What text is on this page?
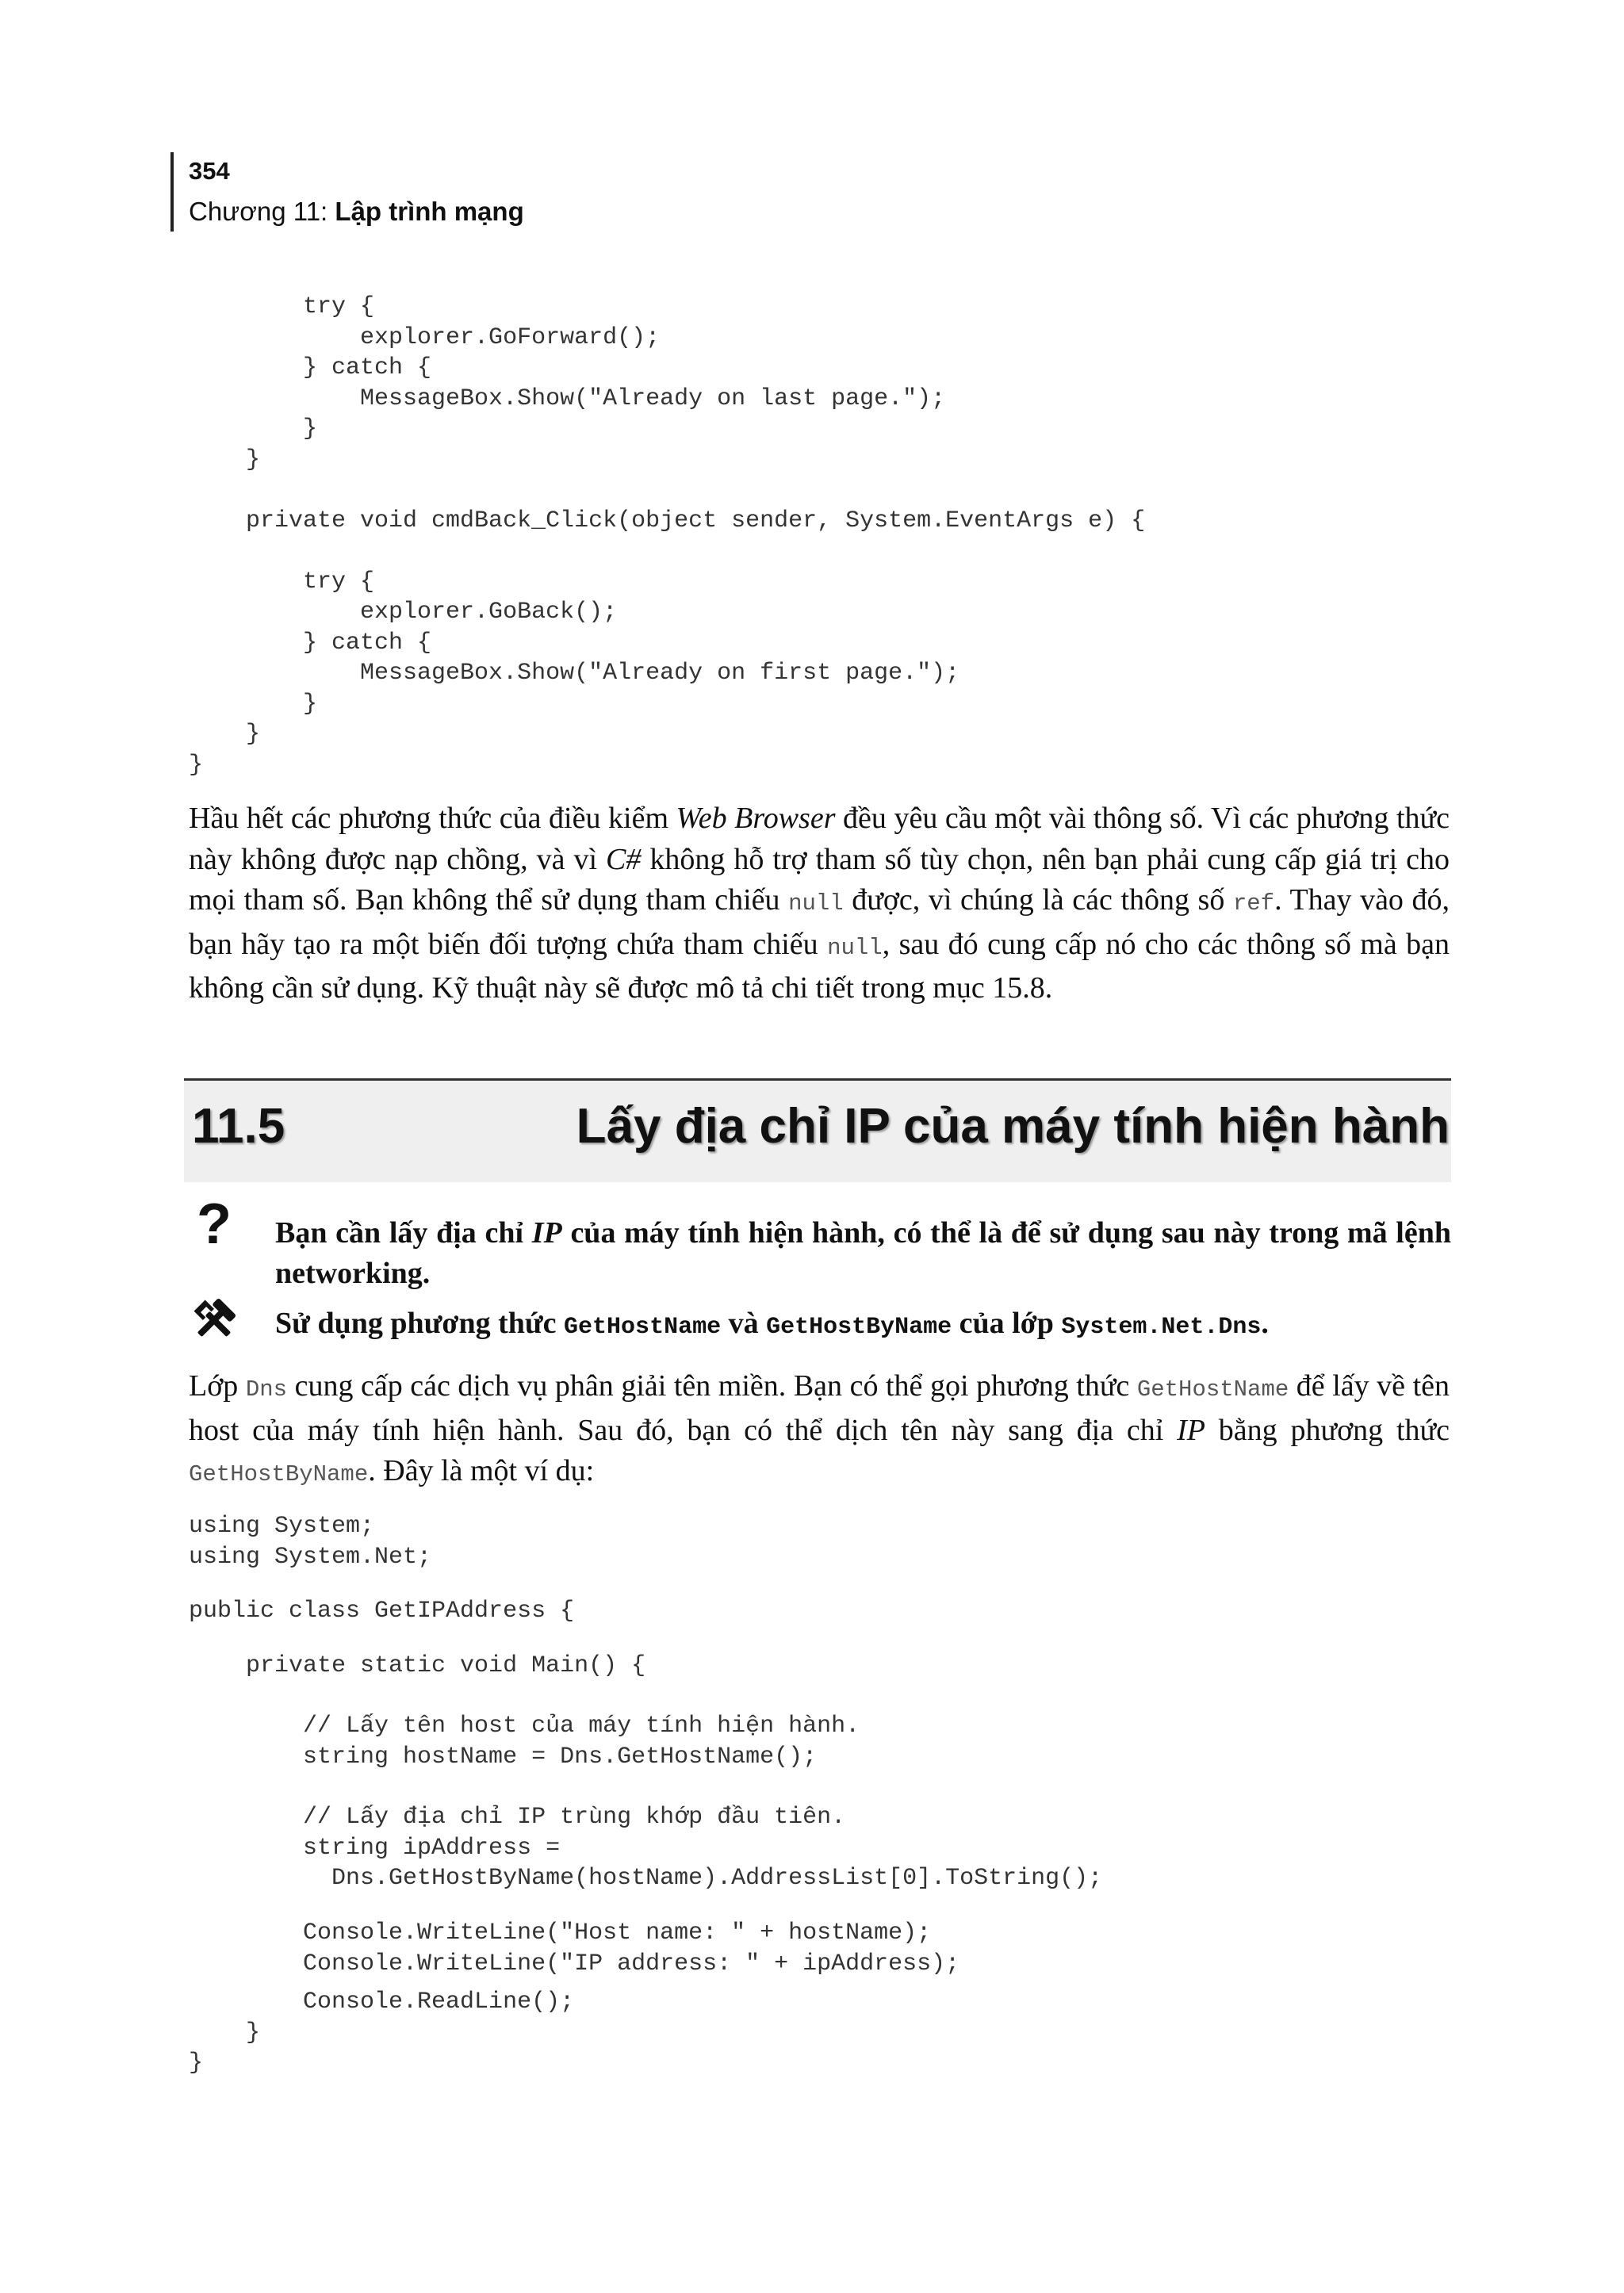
354
Chương 11: Lập trình mạng
try {
explorer.GoForward();
} catch {
MessageBox.Show("Already on last page.");
}
}

private void cmdBack_Click(object sender, System.EventArgs e) {

try {
explorer.GoBack();
} catch {
MessageBox.Show("Already on first page.");
}
}
}

Hầu hết các phương thức của điều kiểm Web Browser đều yêu cầu một vài thông số. Vì các phương thức này không được nạp chồng, và vì C# không hỗ trợ tham số tùy chọn, nên bạn phải cung cấp giá trị cho mọi tham số. Bạn không thể sử dụng tham chiếu null được, vì chúng là các thông số ref. Thay vào đó, bạn hãy tạo ra một biến đối tượng chứa tham chiếu null, sau đó cung cấp nó cho các thông số mà bạn không cần sử dụng. Kỹ thuật này sẽ được mô tả chi tiết trong mục 15.8.

11.5	Lấy địa chỉ IP của máy tính hiện hành
? Bạn cần lấy địa chỉ IP của máy tính hiện hành, có thể là để sử dụng sau này trong mã lệnh networking.

Sử dụng phương thức GetHostName và GetHostByName của lớp System.Net.Dns.

Lớp Dns cung cấp các dịch vụ phân giải tên miền. Bạn có thể gọi phương thức GetHostName để lấy về tên host của máy tính hiện hành. Sau đó, bạn có thể dịch tên này sang địa chỉ IP bằng phương thức GetHostByName. Đây là một ví dụ:

using System;
using System.Net;
public class GetIPAddress {
private static void Main() {
// Lấy tên host của máy tính hiện hành.
string hostName = Dns.GetHostName();
// Lấy địa chỉ IP trùng khớp đầu tiên.
string ipAddress =
Dns.GetHostByName(hostName).AddressList[0].ToString();
Console.WriteLine("Host name: " + hostName);
Console.WriteLine("IP address: " + ipAddress);
Console.ReadLine();
}
}
